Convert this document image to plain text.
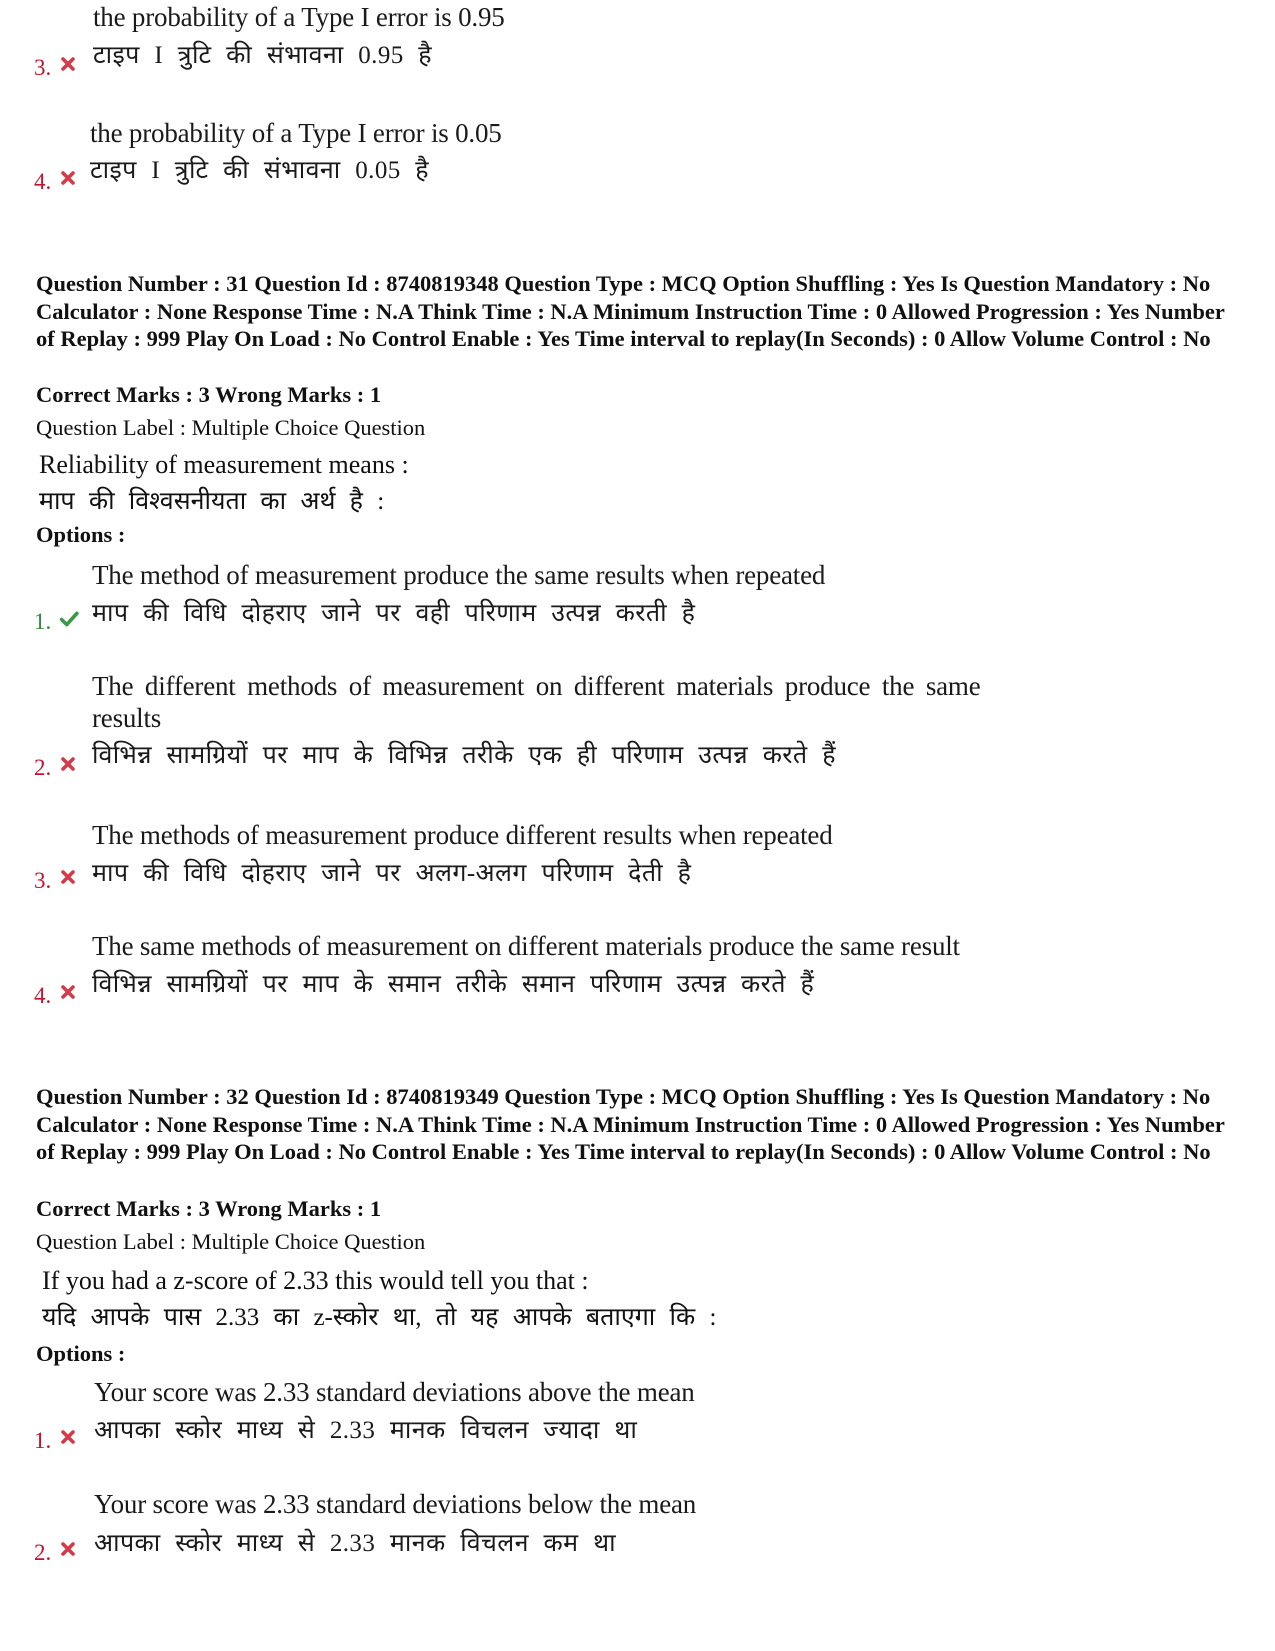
the probability of a Type I error is 0.95
टाइप I त्रुटि की संभावना 0.95 है
3.
the probability of a Type I error is 0.05
टाइप I त्रुटि की संभावना 0.05 है
4.
Question Number : 31 Question Id : 8740819348 Question Type : MCQ Option Shuffling : Yes Is Question Mandatory : No Calculator : None Response Time : N.A Think Time : N.A Minimum Instruction Time : 0 Allowed Progression : Yes Number of Replay : 999 Play On Load : No Control Enable : Yes Time interval to replay(In Seconds) : 0 Allow Volume Control : No
Correct Marks : 3 Wrong Marks : 1
Question Label : Multiple Choice Question
Reliability of measurement means :
माप की विश्वसनीयता का अर्थ है :
Options :
The method of measurement produce the same results when repeated
माप की विधि दोहराए जाने पर वही परिणाम उत्पन्न करती है
1.
The different methods of measurement on different materials produce the same
results
विभिन्न सामग्रियों पर माप के विभिन्न तरीके एक ही परिणाम उत्पन्न करते हैं
2.
The methods of measurement produce different results when repeated
माप की विधि दोहराए जाने पर अलग-अलग परिणाम देती है
3.
The same methods of measurement on different materials produce the same result
विभिन्न सामग्रियों पर माप के समान तरीके समान परिणाम उत्पन्न करते हैं
4.
Question Number : 32 Question Id : 8740819349 Question Type : MCQ Option Shuffling : Yes Is Question Mandatory : No Calculator : None Response Time : N.A Think Time : N.A Minimum Instruction Time : 0 Allowed Progression : Yes Number of Replay : 999 Play On Load : No Control Enable : Yes Time interval to replay(In Seconds) : 0 Allow Volume Control : No
Correct Marks : 3 Wrong Marks : 1
Question Label : Multiple Choice Question
If you had a z-score of 2.33 this would tell you that :
यदि आपके पास 2.33 का z-स्कोर था, तो यह आपके बताएगा कि :
Options :
Your score was 2.33 standard deviations above the mean
आपका स्कोर माध्य से 2.33 मानक विचलन ज्यादा था
1.
Your score was 2.33 standard deviations below the mean
आपका स्कोर माध्य से 2.33 मानक विचलन कम था
2.
